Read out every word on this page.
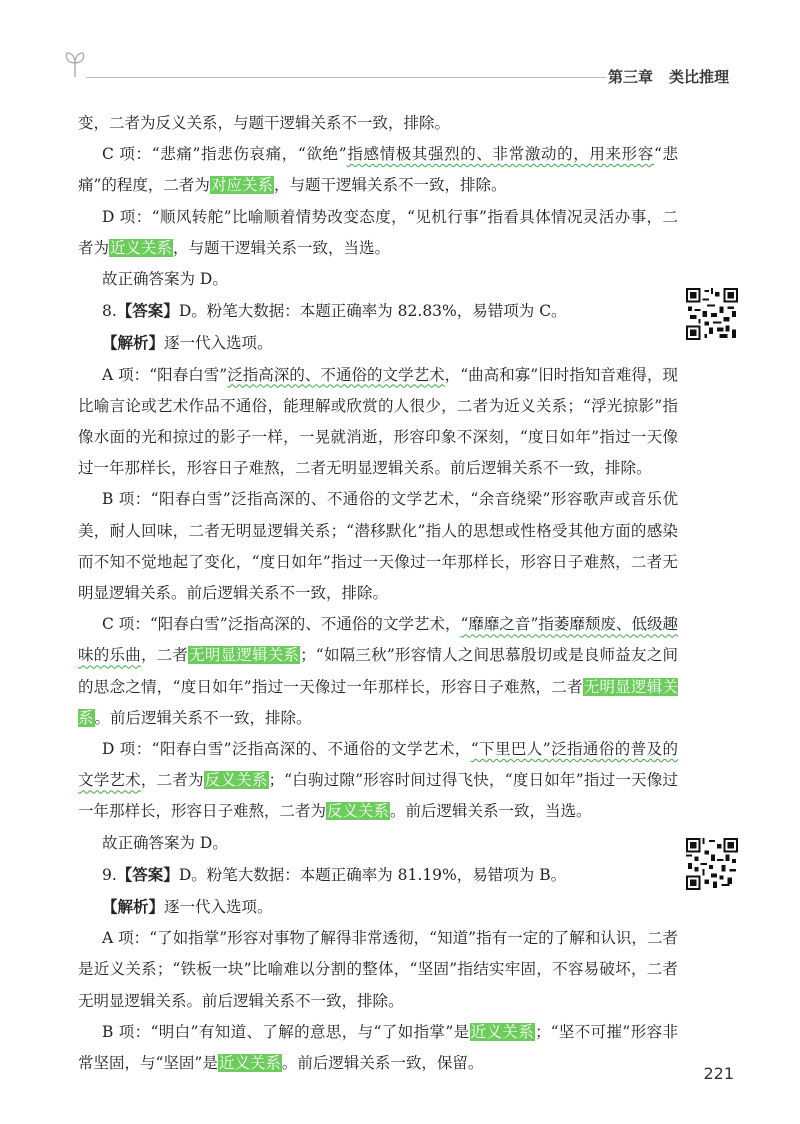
第三章 类比推理

变，二者为反义关系，与题干逻辑关系不一致，排除。

C 项：“悲痛”指悲伤哀痛，“欲绝”指感情极其强烈的、非常激动的，用来形容“悲痛”的程度，二者为对应关系，与题干逻辑关系不一致，排除。

D 项：“顺风转舵”比喻顺着情势改变态度，“见机行事”指看具体情况灵活办事，二者为近义关系，与题干逻辑关系一致，当选。

故正确答案为 D。

8.【答案】D。粉笔大数据：本题正确率为 82.83%，易错项为 C。

【解析】逐一代入选项。

A 项：“阳春白雪”泛指高深的、不通俗的文学艺术，“曲高和寡”旧时指知音难得，现比喻言论或艺术作品不通俗，能理解或欣赏的人很少，二者为近义关系；“浮光掠影”指像水面的光和掠过的影子一样，一晃就消逝，形容印象不深刻，“度日如年”指过一天像过一年那样长，形容日子难熬，二者无明显逻辑关系。前后逻辑关系不一致，排除。

B 项：“阳春白雪”泛指高深的、不通俗的文学艺术，“余音绕梁”形容歌声或音乐优美，耐人回味，二者无明显逻辑关系；“潜移默化”指人的思想或性格受其他方面的感染而不知不觉地起了变化，“度日如年”指过一天像过一年那样长，形容日子难熬，二者无明显逻辑关系。前后逻辑关系不一致，排除。

C 项：“阳春白雪”泛指高深的、不通俗的文学艺术，“靡靡之音”指萎靡颓废、低级趣味的乐曲，二者无明显逻辑关系；“如隔三秋”形容情人之间思慕殷切或是良师益友之间的思念之情，“度日如年”指过一天像过一年那样长，形容日子难熬，二者无明显逻辑关系。前后逻辑关系不一致，排除。

D 项：“阳春白雪”泛指高深的、不通俗的文学艺术，“下里巴人”泛指通俗的普及的文学艺术，二者为反义关系；“白驹过隙”形容时间过得飞快，“度日如年”指过一天像过一年那样长，形容日子难熬，二者为反义关系。前后逻辑关系一致，当选。

故正确答案为 D。

9.【答案】D。粉笔大数据：本题正确率为 81.19%，易错项为 B。

【解析】逐一代入选项。

A 项：“了如指掌”形容对事物了解得非常透彻，“知道”指有一定的了解和认识，二者是近义关系；“铁板一块”比喻难以分割的整体，“坚固”指结实牢固，不容易破坏，二者无明显逻辑关系。前后逻辑关系不一致，排除。

B 项：“明白”有知道、了解的意思，与“了如指掌”是近义关系；“坚不可摧”形容非常坚固，与“坚固”是近义关系。前后逻辑关系一致，保留。

221
